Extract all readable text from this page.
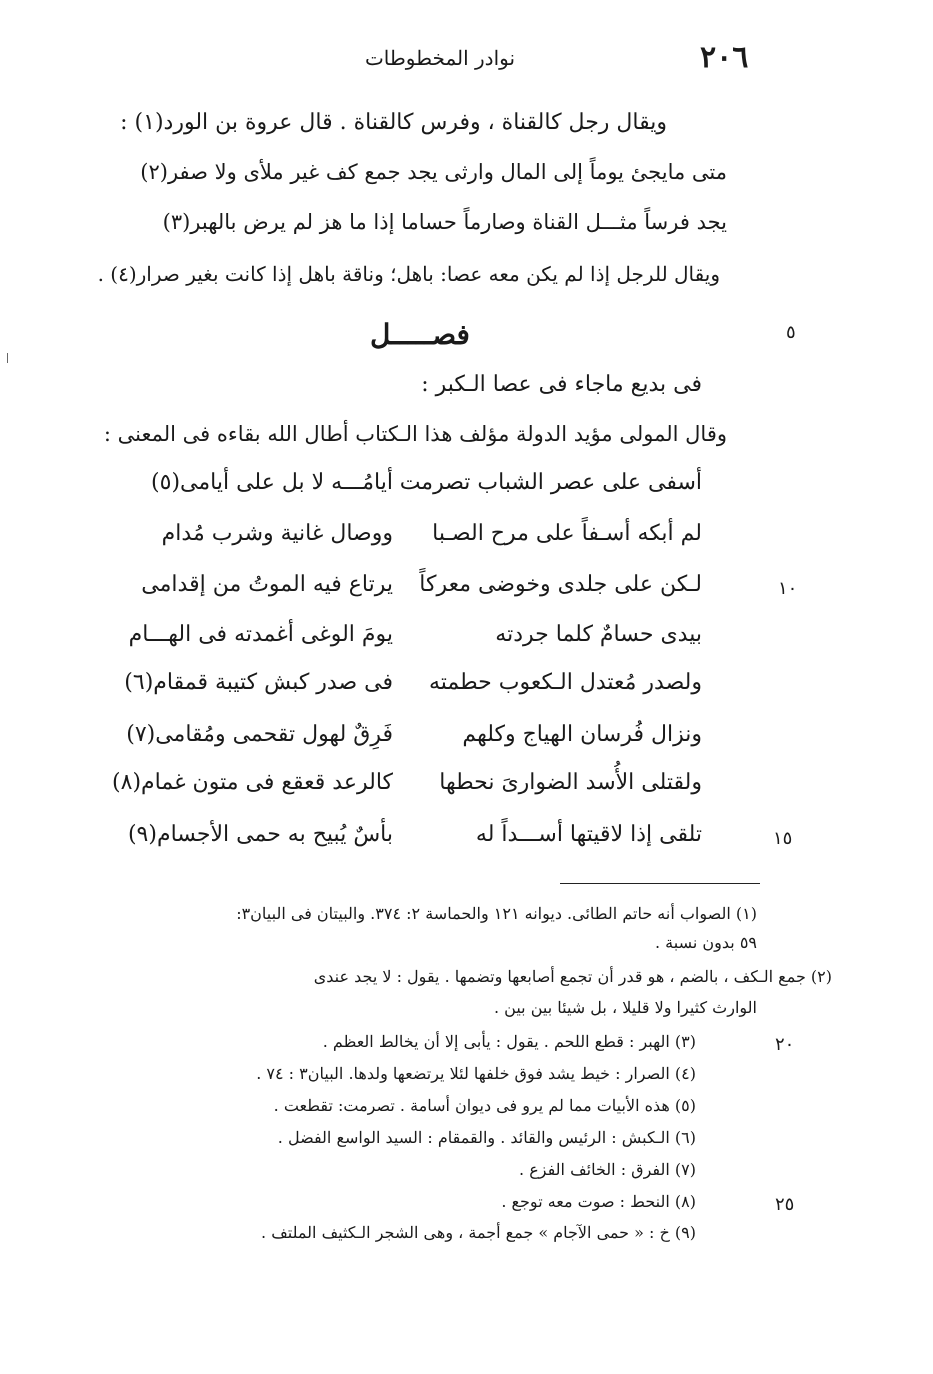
٢٠٦
نوادر المخطوطات
ويقال رجل كالقناة ، وفرس كالقناة . قال عروة بن الورد(١) :
متى مايجئ يوماً إلى المال وارثى يجد جمع كف غير ملأى ولا صفر(٢)
يجد فرساً مثـــل القناة وصارماً حساما إذا ما هز لم يرض بالهبر(٣)
ويقال للرجل إذا لم يكن معه عصا: باهل؛ وناقة باهل إذا كانت بغير صرار(٤) .
فصـــــل	٥
فى بديع ماجاء فى عصا الـكبر :
وقال المولى مؤيد الدولة مؤلف هذا الـكتاب أطال الله بقاءه فى المعنى :
أسفى على عصر الشباب تصرمت
أيامُـــه لا بل على أيامى(٥)
لم أبكه أسـفاً على مرح الصـبا
ووصال غانية وشرب مُدام
لـكن على جلدى وخوضى معركاً
يرتاع فيه الموتُ من إقدامى	١٠
بيدى حسامٌ كلما جردته
يومَ الوغى أغمدته فى الهـــام
ولصدر مُعتدل الـكعوب حطمته
فى صدر كبش كتيبة قمقام(٦)
ونزال فُرسان الهياج وكلهم
فَرِقٌ لهول تقحمى ومُقامى(٧)
ولقتلى الأُسد الضوارىَ نحطها
كالرعد قعقع فى متون غمام(٨)
تلقى إذا لاقيتها أســـداً له
بأسٌ يُبيح به حمى الأجسام(٩)	١٥
(١) الصواب أنه حاتم الطائى. ديوانه ١٢١ والحماسة ٢: ٣٧٤. والبيتان فى البيان٣:
٥٩ بدون نسبة .
(٢) جمع الـكف ، بالضم ، هو قدر أن تجمع أصابعها وتضمها . يقول : لا يجد عندى
الوارث كثيرا ولا قليلا ، بل شيئا بين بين .
(٣) الهبر : قطع اللحم . يقول : يأبى إلا أن يخالط العظم .	٢٠
(٤) الصرار : خيط يشد فوق خلفها لئلا يرتضعها ولدها. البيان٣ : ٧٤ .
(٥) هذه الأبيات مما لم يرو فى ديوان أسامة . تصرمت: تقطعت .
(٦) الـكبش : الرئيس والقائد . والقمقام : السيد الواسع الفضل .
(٧) الفرق : الخائف الفزع .
(٨) النحط : صوت معه توجع .	٢٥
(٩) خ : « حمى الآجام » جمع أجمة ، وهى الشجر الـكثيف الملتف .
